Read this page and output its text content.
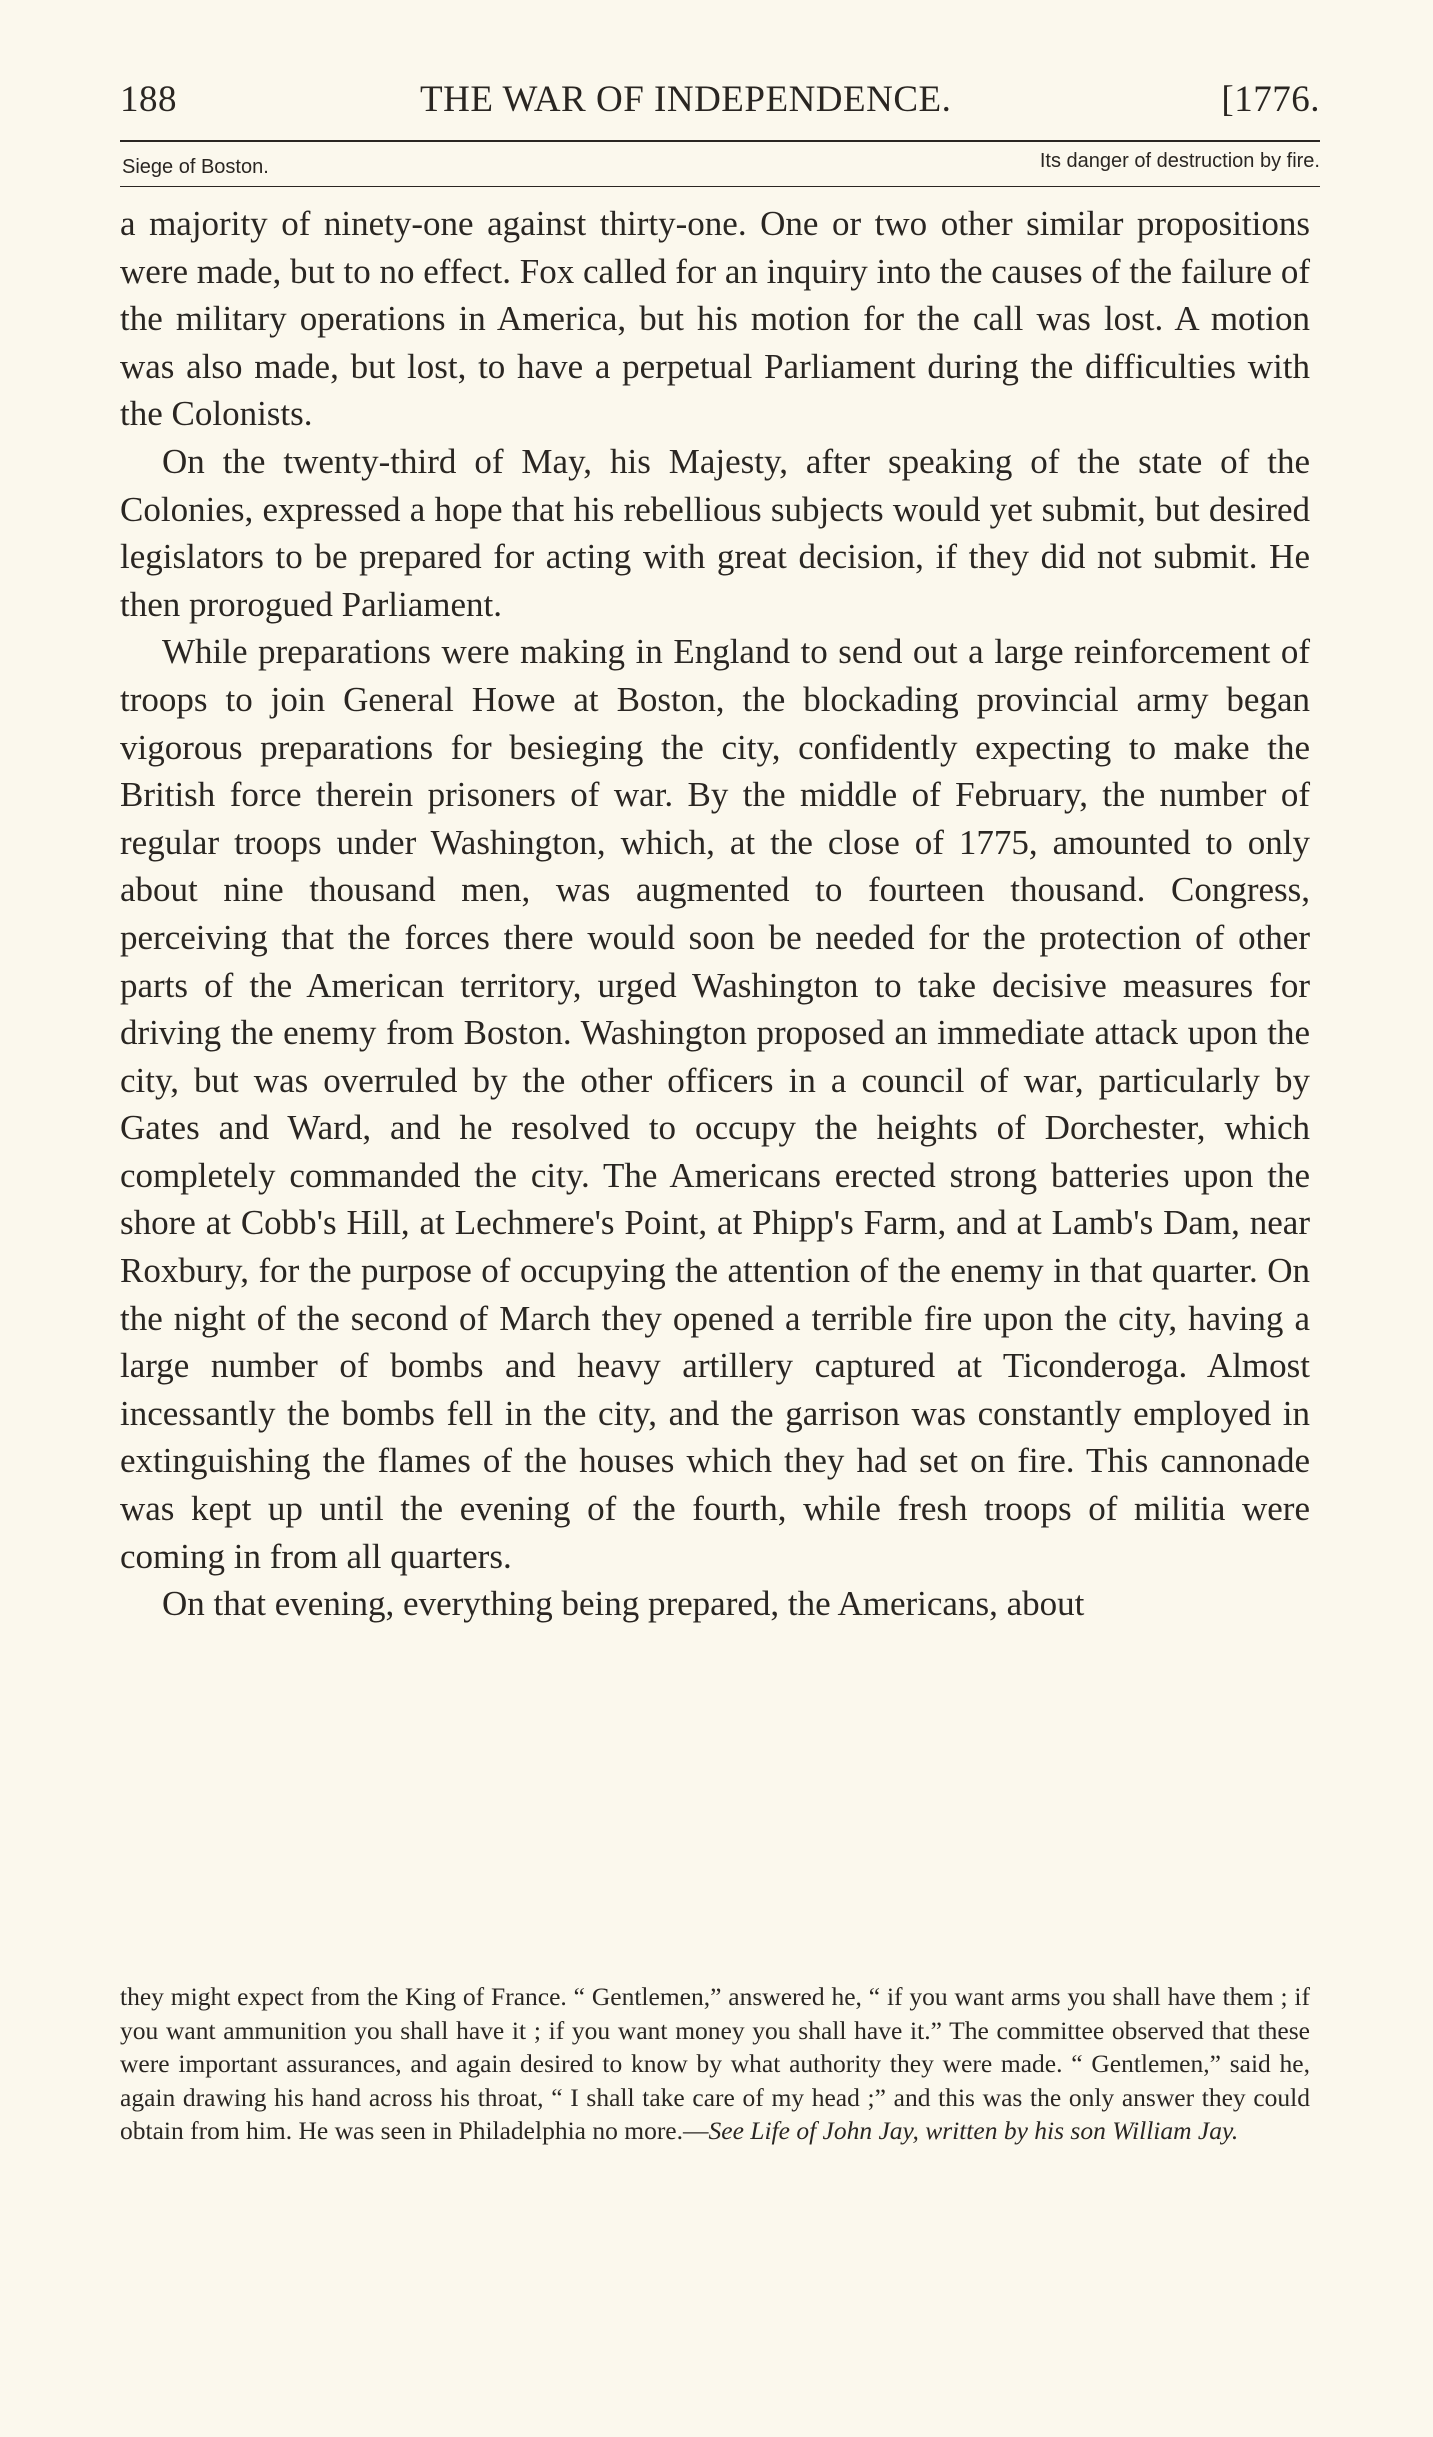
188	THE WAR OF INDEPENDENCE.	[1776.
Siege of Boston.	Its danger of destruction by fire.

a majority of ninety-one against thirty-one. One or two other similar propositions were made, but to no effect. Fox called for an inquiry into the causes of the failure of the military operations in America, but his motion for the call was lost. A motion was also made, but lost, to have a perpetual Parliament during the difficulties with the Colonists.

On the twenty-third of May, his Majesty, after speaking of the state of the Colonies, expressed a hope that his rebellious subjects would yet submit, but desired legislators to be prepared for acting with great decision, if they did not submit. He then prorogued Parliament.

While preparations were making in England to send out a large reinforcement of troops to join General Howe at Boston, the blockading provincial army began vigorous preparations for besieging the city, confidently expecting to make the British force therein prisoners of war. By the middle of February, the number of regular troops under Washington, which, at the close of 1775, amounted to only about nine thousand men, was augmented to fourteen thousand. Congress, perceiving that the forces there would soon be needed for the protection of other parts of the American territory, urged Washington to take decisive measures for driving the enemy from Boston. Washington proposed an immediate attack upon the city, but was overruled by the other officers in a council of war, particularly by Gates and Ward, and he resolved to occupy the heights of Dorchester, which completely commanded the city. The Americans erected strong batteries upon the shore at Cobb's Hill, at Lechmere's Point, at Phipp's Farm, and at Lamb's Dam, near Roxbury, for the purpose of occupying the attention of the enemy in that quarter. On the night of the second of March they opened a terrible fire upon the city, having a large number of bombs and heavy artillery captured at Ticonderoga. Almost incessantly the bombs fell in the city, and the garrison was constantly employed in extinguishing the flames of the houses which they had set on fire. This cannonade was kept up until the evening of the fourth, while fresh troops of militia were coming in from all quarters.

On that evening, everything being prepared, the Americans, about

they might expect from the King of France. “ Gentlemen,” answered he, “ if you want arms you shall have them ; if you want ammunition you shall have it ; if you want money you shall have it.” The committee observed that these were important assurances, and again desired to know by what authority they were made. “ Gentlemen,” said he, again drawing his hand across his throat, “ I shall take care of my head ;” and this was the only answer they could obtain from him. He was seen in Philadelphia no more.—See Life of John Jay, written by his son William Jay.
